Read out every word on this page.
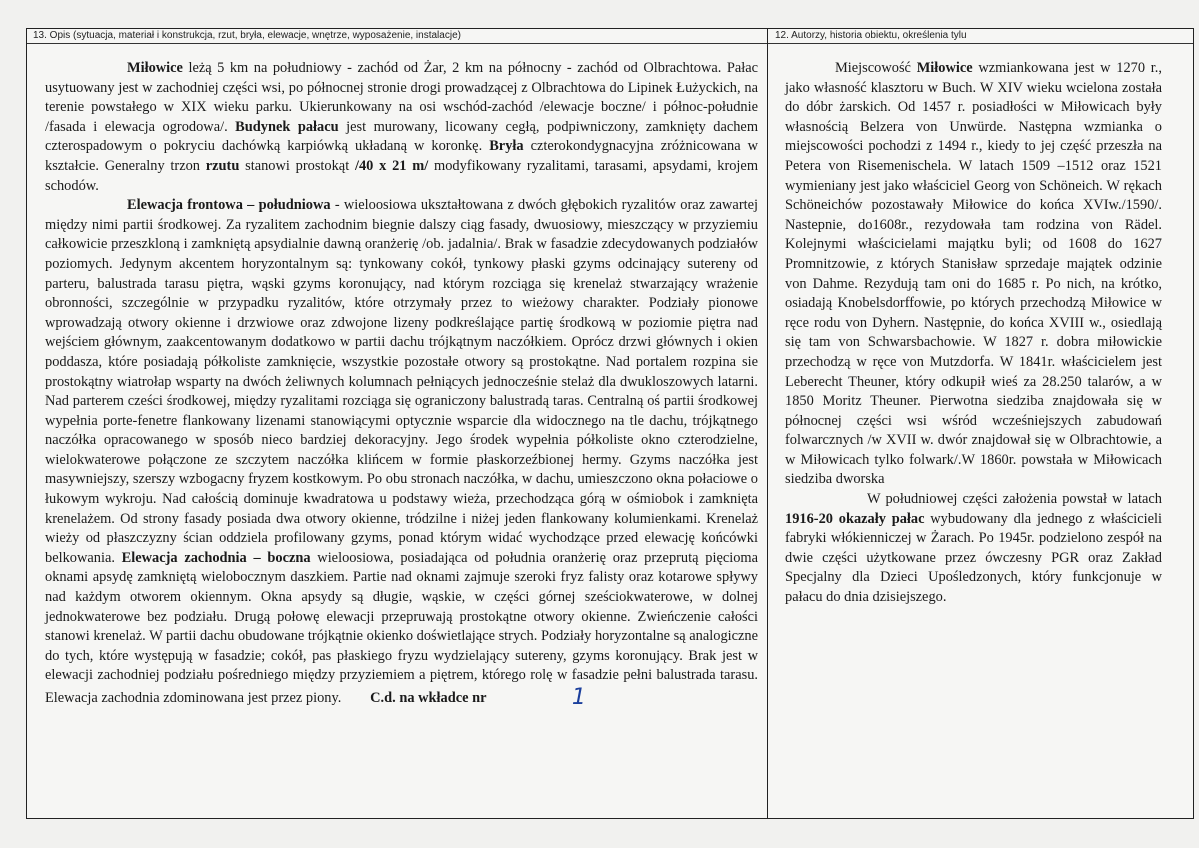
13. Opis (sytuacja, materiał i konstrukcja, rzut, bryła, elewacje, wnętrze, wyposażenie, instalacje)	12. Autorzy, historia obiektu, określenia tylu

Miłowice leżą 5 km na południowy - zachód od Żar, 2 km na północny - zachód od Olbrachtowa. Pałac usytuowany jest w zachodniej części wsi, po północnej stronie drogi prowadzącej z Olbrachtowa do Lipinek Łużyckich, na terenie powstałego w XIX wieku parku. Ukierunkowany na osi wschód-zachód /elewacje boczne/ i północ-południe /fasada i elewacja ogrodowa/. Budynek pałacu jest murowany, licowany cegłą, podpiwniczony, zamknięty dachem czterospadowym o pokryciu dachówką karpiówką układaną w koronkę. Bryła czterokondygnacyjna zróżnicowana w kształcie. Generalny trzon rzutu stanowi prostokąt /40 x 21 m/ modyfikowany ryzalitami, tarasami, apsydami, krojem schodów.

Elewacja frontowa – południowa - wieloosiowa ukształtowana z dwóch głębokich ryzalitów oraz zawartej między nimi partii środkowej. Za ryzalitem zachodnim biegnie dalszy ciąg fasady, dwuosiowy, mieszczący w przyziemiu całkowicie przeszkloną i zamkniętą apsydialnie dawną oranżerię /ob. jadalnia/. Brak w fasadzie zdecydowanych podziałów poziomych. Jedynym akcentem horyzontalnym są: tynkowany cokół, tynkowy płaski gzyms odcinający sutereny od parteru, balustrada tarasu piętra, wąski gzyms koronujący, nad którym rozciąga się krenelaż stwarzający wrażenie obronności, szczególnie w przypadku ryzalitów, które otrzymały przez to wieżowy charakter. Podziały pionowe wprowadzają otwory okienne i drzwiowe oraz zdwojone lizeny podkreślające partię środkową w poziomie piętra nad wejściem głównym, zaakcentowanym dodatkowo w partii dachu trójkątnym naczółkiem. Oprócz drzwi głównych i okien poddasza, które posiadają półkoliste zamknięcie, wszystkie pozostałe otwory są prostokątne. Nad portalem rozpina sie prostokątny wiatrołap wsparty na dwóch żeliwnych kolumnach pełniących jednocześnie stelaż dla dwukloszowych latarni. Nad parterem cześci środkowej, między ryzalitami rozciąga się ograniczony balustradą taras. Centralną oś partii środkowej wypełnia porte-fenetre flankowany lizenami stanowiącymi optycznie wsparcie dla widocznego na tle dachu, trójkątnego naczółka opracowanego w sposób nieco bardziej dekoracyjny. Jego środek wypełnia półkoliste okno czterodzielne, wielokwaterowe połączone ze szczytem naczółka klińcem w formie płaskorzeźbionej hermy. Gzyms naczółka jest masywniejszy, szerszy wzbogacny fryzem kostkowym. Po obu stronach naczółka, w dachu, umieszczono okna połaciowe o łukowym wykroju. Nad całością dominuje kwadratowa u podstawy wieża, przechodząca górą w ośmiobok i zamknięta krenelażem. Od strony fasady posiada dwa otwory okienne, tródzilne i niżej jeden flankowany kolumienkami. Krenelaż wieży od płaszczyzny ścian oddziela profilowany gzyms, ponad którym widać wychodzące przed elewację końcówki belkowania. Elewacja zachodnia – boczna wieloosiowa, posiadająca od południa oranżerię oraz przeprutą pięcioma oknami apsydę zamkniętą wielobocznym daszkiem. Partie nad oknami zajmuje szeroki fryz falisty oraz kotarowe spływy nad każdym otworem okiennym. Okna apsydy są długie, wąskie, w części górnej sześciokwaterowe, w dolnej jednokwaterowe bez podziału. Drugą połowę elewacji przepruwają prostokątne otwory okienne. Zwieńczenie całości stanowi krenelaż. W partii dachu obudowane trójkątnie okienko doświetlające strych. Podziały horyzontalne są analogiczne do tych, które występują w fasadzie; cokół, pas płaskiego fryzu wydzielający sutereny, gzyms koronujący. Brak jest w elewacji zachodniej podziału pośredniego między przyziemiem a piętrem, którego rolę w fasadzie pełni balustrada tarasu. Elewacja zachodnia zdominowana jest przez piony. C.d. na wkładce nr	1

Miejscowość Miłowice wzmiankowana jest w 1270 r., jako własność klasztoru w Buch. W XIV wieku wcielona została do dóbr żarskich. Od 1457 r. posiadłości w Miłowicach były własnością Belzera von Unwürde. Następna wzmianka o miejscowości pochodzi z 1494 r., kiedy to jej część przeszła na Petera von Risemenischela. W latach 1509 –1512 oraz 1521 wymieniany jest jako właściciel Georg von Schöneich. W rękach Schöneichów pozostawały Miłowice do końca XVIw./1590/. Nastepnie, do1608r., rezydowała tam rodzina von Rädel. Kolejnymi właścicielami majątku byli; od 1608 do 1627 Promnitzowie, z których Stanisław sprzedaje majątek odzinie von Dahme. Rezydują tam oni do 1685 r. Po nich, na krótko, osiadają Knobelsdorffowie, po których przechodzą Miłowice w ręce rodu von Dyhern. Następnie, do końca XVIII w., osiedlają się tam von Schwarsbachowie. W 1827 r. dobra miłowickie przechodzą w ręce von Mutzdorfa. W 1841r. właścicielem jest Leberecht Theuner, który odkupił wieś za 28.250 talarów, a w 1850 Moritz Theuner. Pierwotna siedziba znajdowała się w północnej części wsi wśród wcześniejszych zabudowań folwarcznych /w XVII w. dwór znajdował się w Olbrachtowie, a w Miłowicach tylko folwark/.W 1860r. powstała w Miłowicach siedziba dworska

W południowej części założenia powstał w latach 1916-20 okazały pałac wybudowany dla jednego z właścicieli fabryki włókienniczej w Żarach. Po 1945r. podzielono zespół na dwie części użytkowane przez ówczesny PGR oraz Zakład Specjalny dla Dzieci Upośledzonych, który funkcjonuje w pałacu do dnia dzisiejszego.
